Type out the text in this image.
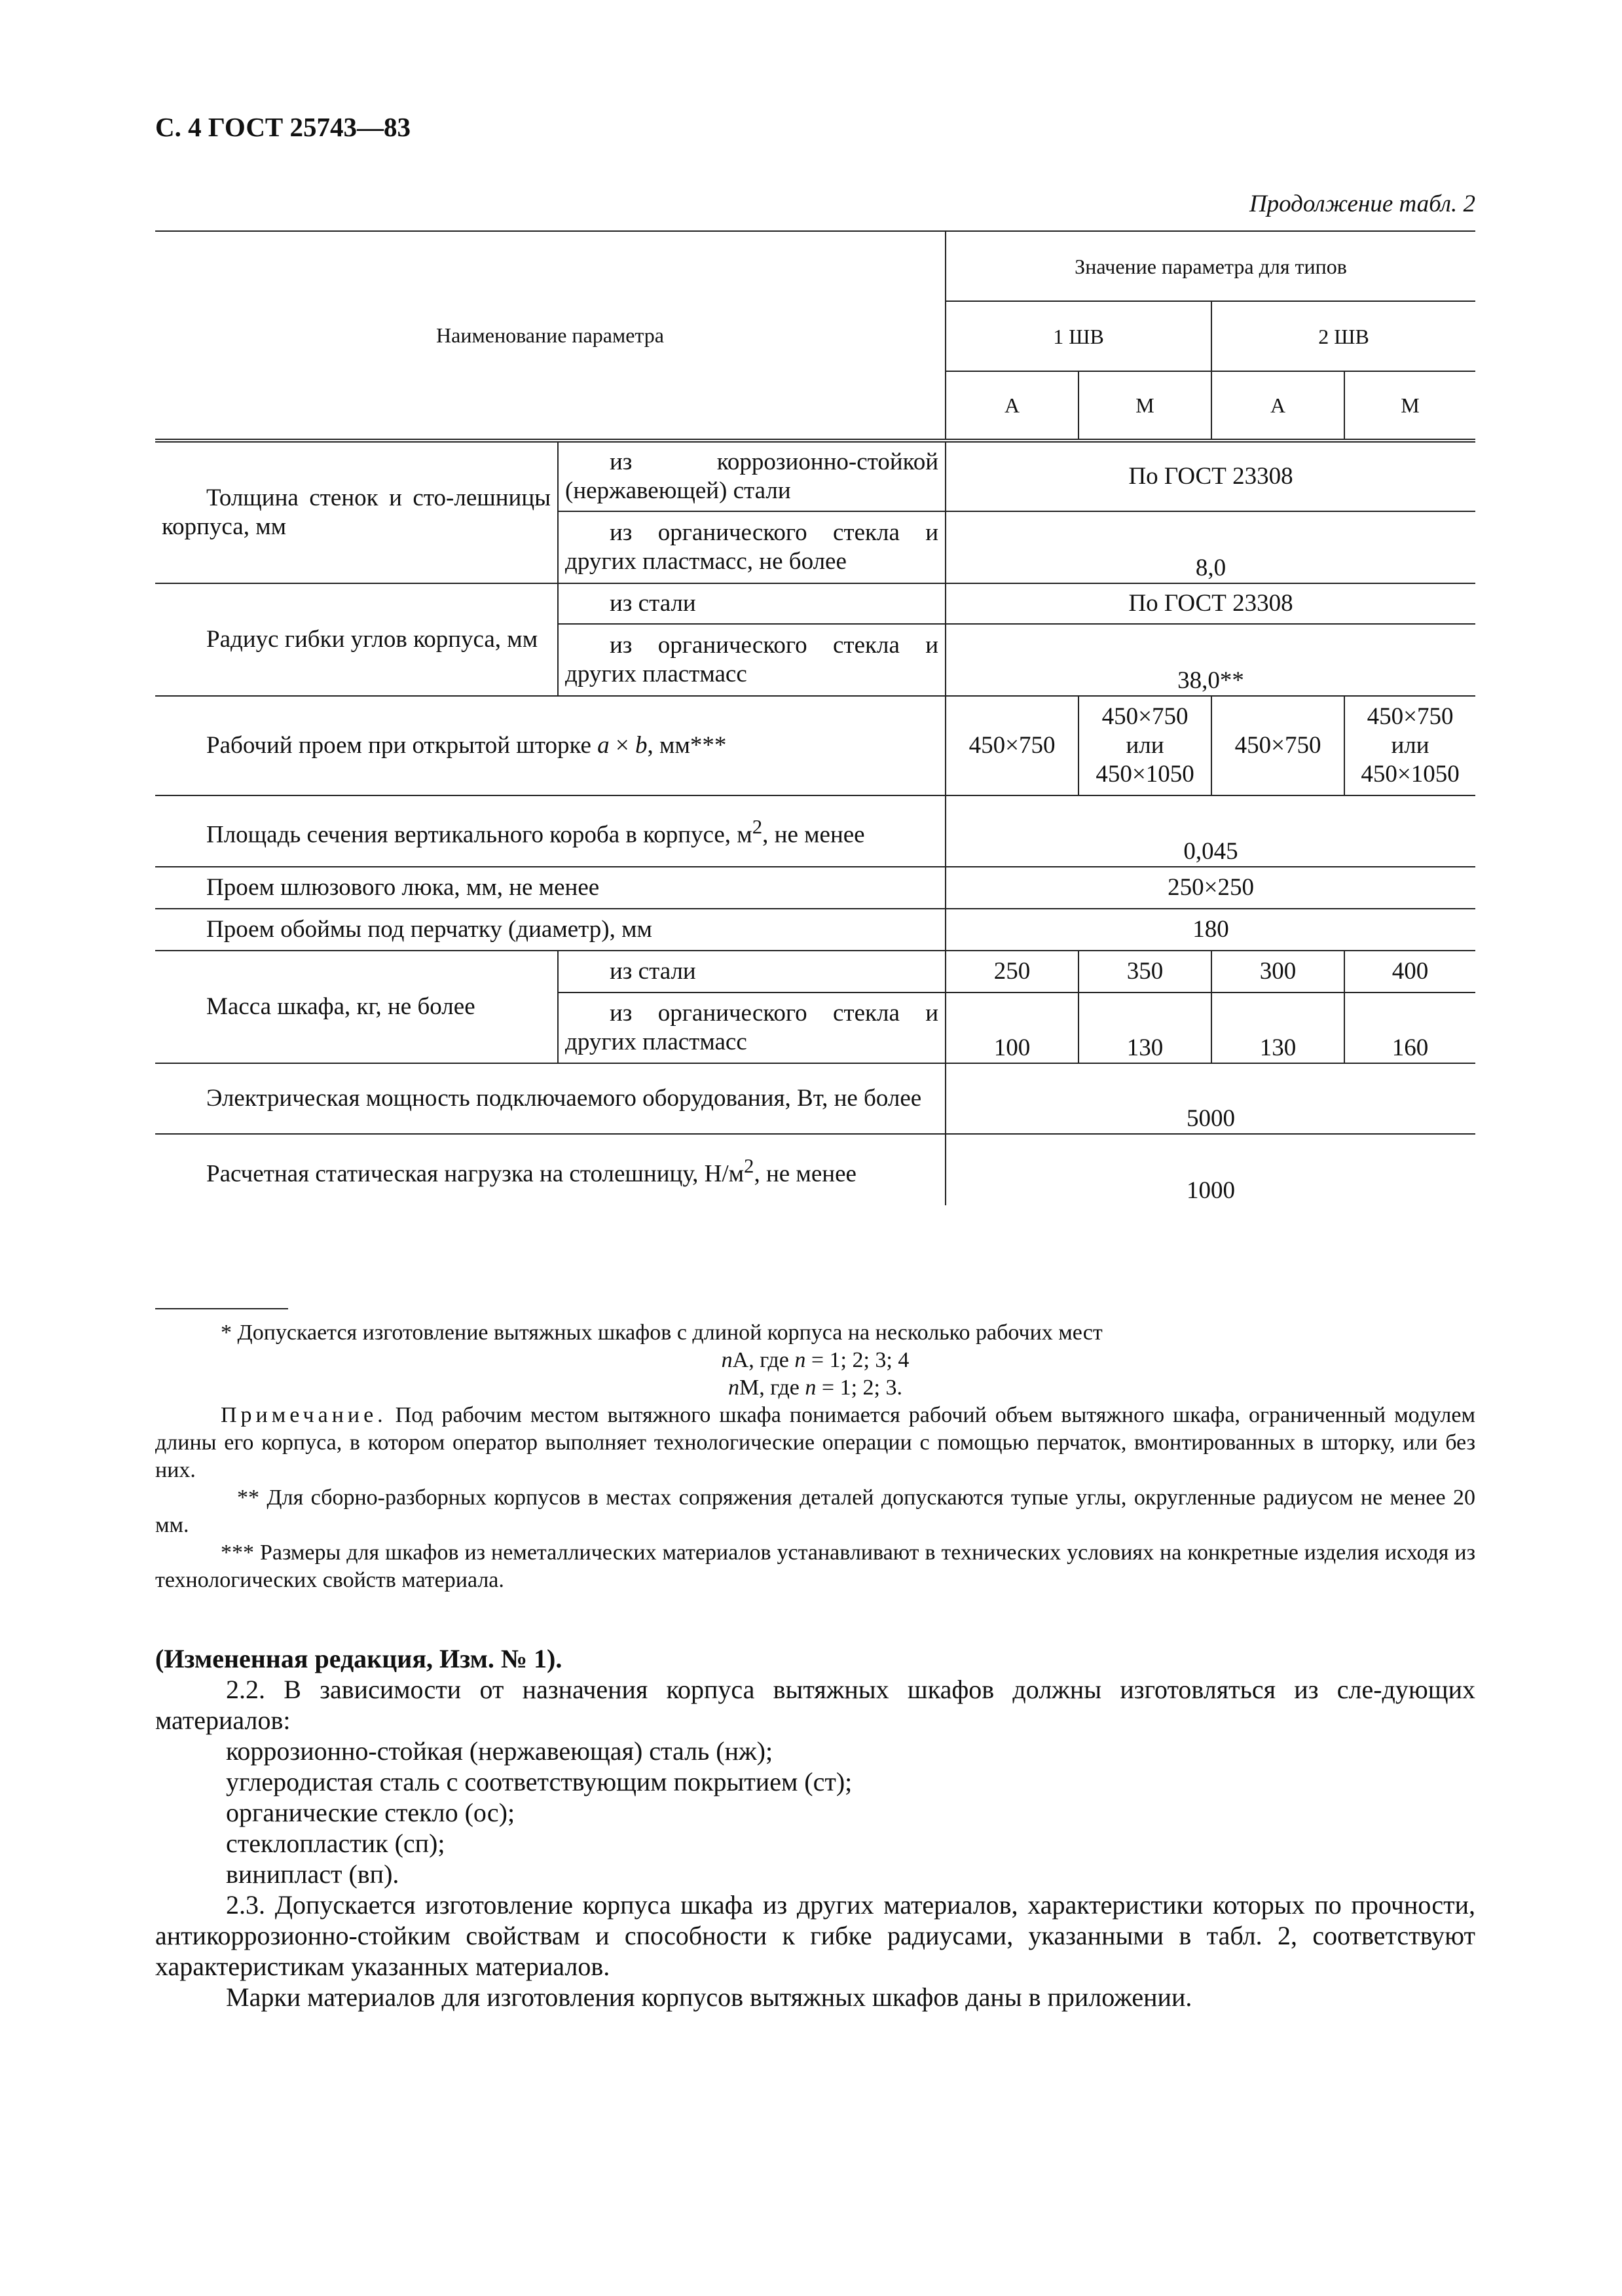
С. 4 ГОСТ 25743—83
Продолжение табл. 2
Наименование параметра		Значение параметра для типов			
		1 ШВ		2 ШВ	
		А	М	А	М
Толщина стенок и сто-лешницы корпуса, мм	из коррозионно-стойкой (нержавеющей) стали	По ГОСТ 23308			
	из органического стекла и других пластмасс, не более	8,0			
Радиус гибки углов корпуса, мм	из стали	По ГОСТ 23308			
	из органического стекла и других пластмасс	38,0**			
Рабочий проем при открытой шторке a × b, мм***		450×750	450×750 или 450×1050	450×750	450×750 или 450×1050
Площадь сечения вертикального короба в корпусе, $м^2$, не менее		0,045			
Проем шлюзового люка, мм, не менее		250×250			
Проем обоймы под перчатку (диаметр), мм		180			
Масса шкафа, кг, не более	из стали	250	350	300	400
	из органического стекла и других пластмасс	100	130	130	160
Электрическая мощность подключаемого оборудования, Вт, не более		5000			
Расчетная статическая нагрузка на столешницу, $Н/м^2$, не менее		1000			

* Допускается изготовление вытяжных шкафов с длиной корпуса на несколько рабочих мест

nА, где n = 1; 2; 3; 4

nМ, где n = 1; 2; 3.

Примечание. Под рабочим местом вытяжного шкафа понимается рабочий объем вытяжного шкафа, ограниченный модулем длины его корпуса, в котором оператор выполняет технологические операции с помощью перчаток, вмонтированных в шторку, или без них.

** Для сборно-разборных корпусов в местах сопряжения деталей допускаются тупые углы, округленные радиусом не менее 20 мм.

*** Размеры для шкафов из неметаллических материалов устанавливают в технических условиях на конкретные изделия исходя из технологических свойств материала.

(Измененная редакция, Изм. № 1).

2.2. В зависимости от назначения корпуса вытяжных шкафов должны изготовляться из сле-дующих материалов:

коррозионно-стойкая (нержавеющая) сталь (нж);

углеродистая сталь с соответствующим покрытием (ст);

органические стекло (ос);

стеклопластик (сп);

винипласт (вп).

2.3. Допускается изготовление корпуса шкафа из других материалов, характеристики которых по прочности, антикоррозионно-стойким свойствам и способности к гибке радиусами, указанными в табл. 2, соответствуют характеристикам указанных материалов.

Марки материалов для изготовления корпусов вытяжных шкафов даны в приложении.
